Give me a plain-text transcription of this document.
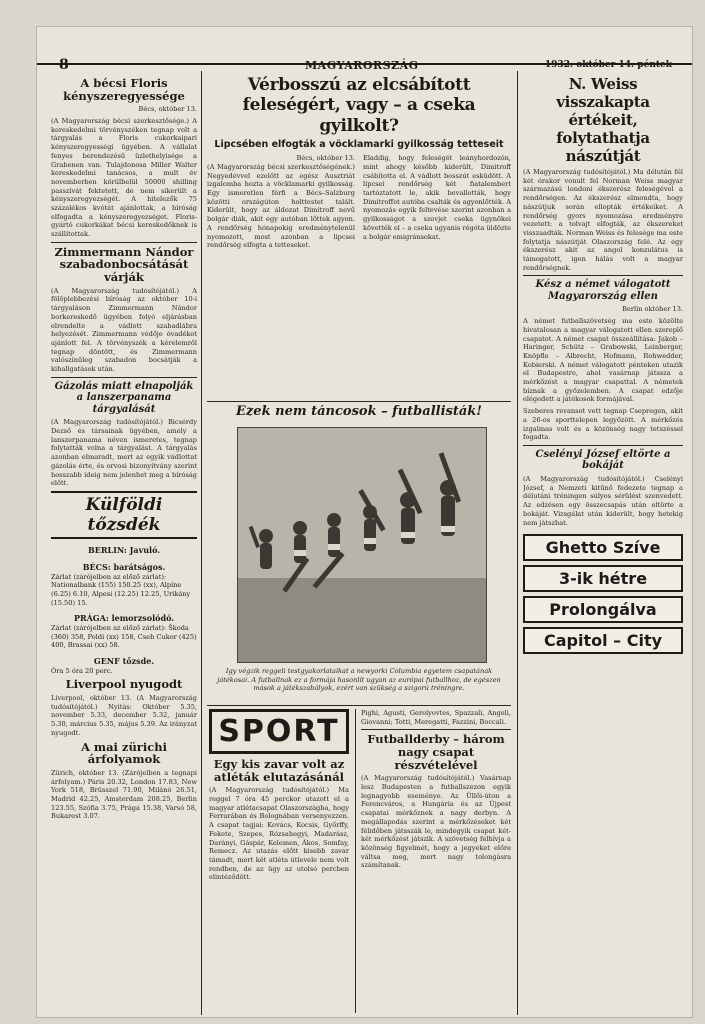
8	MAGYARORSZÁG	1932. október 14. péntek
A bécsi Floris kényszeregyessége
Bécs, október 13.
(A Magyarország bécsi szerkesztősége.) A kereskedelmi törvényszéken tegnap volt a tárgyalás a Floris cukorkaipari kényszeregyességi ügyében. A vállalat fenyes berendezésű üzlethelyisége a Grabenen van. Tulajdonosa Miller Walter kereskedelmi tanácsos, a mult év novemberben körülbelül 50000 shilling passzívát fektetett, de nem sikerült a kényszeregyezségét. A hitelezők 75 százalékos kvótát ajánlottak, a bíróság elfogadta a kényszeregyezséget. Floris-gyártó cukorkákat bécsi kereskedőknek is szállítottak.
Zimmermann Nándor szabadonbocsátását várják
(A Magyarország tudósítójától.) A fölöplebbezési bíróság az október 10-i tárgyaláson Zimmermann Nándor borkereskedő ügyében folyó eljárásban elrendelte a vádlott szabadlábra helyezését. Zimmermann védője óvadékot ajánlott fel. A törvényszék a kérelemről tegnap döntött, és Zimmermann valószínűleg szabadon bocsátják a kihallgatások után.
Gázolás miatt elnapolják a lanszerpanama tárgyalását
(A Magyarország tudósítójától.) Bicsérdy Dezső és társainak ügyében, amely a lanszerpanama néven ismeretes, tegnap folytatták volna a tárgyalást. A tárgyalás azonban elmaradt, mert az egyik vádlottat gázolás érte, és orvosi bizonyítvány szerint hosszabb ideig nem jelenhet meg a bíróság előtt.
Külföldi tőzsdék
BERLIN: Javuló.
BÉCS: barátságos.
Zárlat (zárójelben az előző zárlat): Nationalbank (155) 150.25 (xx), Alpine (6.25) 6.10, Alpesi (12.25) 12.25, Urikány (15.50) 15.
PRÁGA: lemorzsolódó.
Zárlat (zárójelben az előző zárlat): Škoda (360) 358, Poldi (xx) 158, Cseh Cukor (425) 400, Brassai (xx) 58.
GENF tőzsde.
Óra 5 óra 20 perc.
Liverpool nyugodt
Liverpool, október 13. (A Magyarország tudósítójától.) Nyitás: Október 5.35, november 5.33, december 5.32, január 5.30, március 5.35, május 5.39. Az irányzat nyugodt.
A mai zürichi árfolyamok
Zürich, október 13. (Zárójelben a tegnapi árfolyam.) Páris 20.32, London 17.83, New York 518, Brüsszel 71.90, Milánó 26.51, Madrid 42.25, Amsterdam 208.25, Berlin 123.55, Szófia 3.75, Prága 15.38, Varsó 58, Bukarest 3.07.
Vérbosszú az elcsábított feleségért, vagy – a cseka gyilkolt?
Lipcsében elfogták a vöcklamarki gyilkosság tetteseit
Bécs, október 13.
(A Magyarország bécsi szerkesztőségének.) Negyedévvel ezelőtt az egész Ausztriát izgalomba hozta a vöcklamarki gyilkosság. Egy ismeretlen férfi a Bécs–Salzburg közötti országúton holttestet talált. Kiderült, hogy az áldozat Dimitroff nevű bolgár diák, akit egy autóban lőttek agyon. A rendőrség hónapokig eredménytelenül nyomozott, most azonban a lipcsei rendőrség elfogta a tetteseket.
Eladdig, hogy feleségét leányhordozón, mint ahogy később kiderült, Dimitroff csábította el. A vádlott bosszút esküdött. A lipcsei rendőrség két fiatalembert tartóztatott le, akik bevallották, hogy Dimitroffot autóba csalták és agyonlőtték. A nyomozás egyik feltevése szerint azonban a gyilkosságot a szovjet cseka ügynökei követték el – a cseka ugyanis régóta üldözte a bolgár emigránsokat.
Ezek nem táncosok – futballisták!
Igy végzik reggeli testgyakorlataikat a newyorki Columbia egyetem csapatának játékosai. A futballnak ez a formája hasonlít ugyan az európai futballhoz, de egészen mások a játékszabályok, ezért van szükség a szigorú tréningre.
SPORT
Egy kis zavar volt az atléták elutazásánál
(A Magyarország tudósítójától.) Ma reggel 7 óra 45 perckor utazott el a magyar atlétacsapat Olaszországba, hogy Ferrarában és Bolognában versenyezzen. A csapat tagjai: Kovács, Kocsis, Győrffy, Fekete, Szepes, Rózsahegyi, Madarász, Darányi, Gáspár, Kelemen, Ákos, Somfay, Remecz. Az utazás előtt kisebb zavar támadt, mert két atléta útlevele nem volt rendben, de az ügy az utolsó percben elintéződött.
Pighi, Agusti, Gerelyovtes, Spazzali, Angeli, Giovanni; Totti, Meregatti, Fazzini, Boccali.
Futballderby – három nagy csapat részvételével
(A Magyarország tudósítójától.) Vasárnap lesz Budapesten a futballszezon egyik legnagyobb eseménye. Az Üllői-úton a Ferencváros, a Hungária és az Újpest csapatai mérkőznek a nagy derbyn. A megállapodás szerint a mérkőzéseket két félidőben játsszák le, mindegyik csapat két-két mérkőzést játszik. A szövetség felhívja a közönség figyelmét, hogy a jegyeket előre váltsa meg, mert nagy tolongásra számítanak.
N. Weiss visszakapta értékeit, folytathatja nászútját
(A Magyarország tudósítójától.) Ma délután fél két órakor vonult fel Norman Weiss magyar származású londoni ékszerész feleségével a rendőrségen. Az ékszerész elmondta, hogy nászútjuk során ellopták értékeiket. A rendőrség gyors nyomozása eredményre vezetett: a tolvajt elfogták, az ékszereket visszaadták. Norman Weiss és felesége ma este folytatja nászútját Olaszország felé. Az egy ékszerész akit az angol konzulátus is támogatott, igen hálás volt a magyar rendőrségnek.
Kész a német válogatott Magyarország ellen
Berlin október 13.
A német futballszövetség ma este közölte hivatalosan a magyar válogatott ellen szereplő csapatot. A német csapat összeállítása: Jakob – Haringer, Schütz – Grabowski, Leinberger, Knöpfle – Albrecht, Hofmann, Rohwedder, Kobierski. A német válogatott pénteken utazik el Budapestre, ahol vasárnap játssza a mérkőzést a magyar csapattal. A németek bíznak a győzelemben. A csapat edzője elégedett a játékosok formájával.
Szeberes revansot vett tegnap Csepregen, akit a 26-os sporttelepen legyőzött. A mérkőzés izgalmas volt és a közönség nagy tetszéssel fogadta.
Cselényi József eltörte a bokáját
(A Magyarország tudósítójától.) Cselényi József, a Nemzeti kitűnő fedezete tegnap a délutáni tréningen súlyos sérülést szenvedett. Az edzésen egy összecsapás után eltörte a bokáját. Vizsgálat után kiderült, hogy hetekig nem játszhat.
Ghetto Szíve
3-ik hétre
Prolongálva
Capitol – City
